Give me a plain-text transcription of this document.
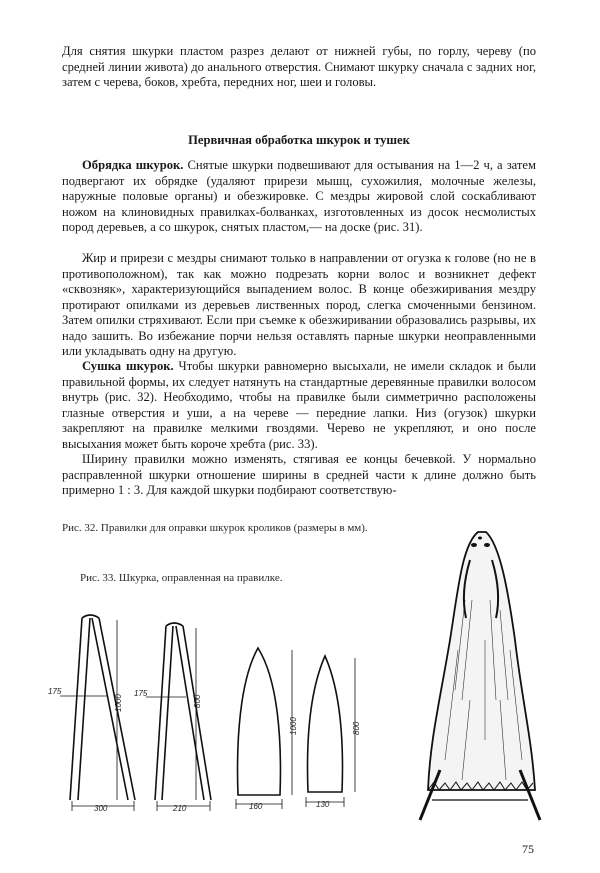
Для снятия шкурки пластом разрез делают от нижней губы, по горлу, череву (по средней линии живота) до анального отверстия. Снимают шкурку сначала с задних ног, затем с черева, боков, хребта, передних ног, шеи и головы.

Первичная обработка шкурок и тушек

Обрядка шкурок. Снятые шкурки подвешивают для остывания на 1—2 ч, а затем подвергают их обрядке (удаляют прирези мышц, сухожилия, молочные железы, наружные половые органы) и обезжировке. С мездры жировой слой соскабливают ножом на клиновидных правилках-болванках, изготовленных из досок несмолистых пород деревьев, а со шкурок, снятых пластом,— на доске (рис. 31).

Жир и прирези с мездры снимают только в направлении от огузка к голове (но не в противоположном), так как можно подрезать корни волос и возникнет дефект «сквозняк», характеризующийся выпадением волос. В конце обезжиривания мездру протирают опилками из деревьев лиственных пород, слегка смоченными бензином. Затем опилки стряхивают. Если при съемке к обезжиривании образовались разрывы, их надо зашить. Во избежание порчи нельзя оставлять парные шкурки неоправленными или укладывать одну на другую.

Сушка шкурок. Чтобы шкурки равномерно высыхали, не имели складок и были правильной формы, их следует натянуть на стандартные деревянные правилки волосом внутрь (рис. 32). Необходимо, чтобы на правилке были симметрично расположены глазные отверстия и уши, а на череве — передние лапки. Низ (огузок) шкурки закрепляют на правилке мелкими гвоздями. Черево не укрепляют, и оно после высыхания может быть короче хребта (рис. 33).

Ширину правилки можно изменять, стягивая ее концы бечевкой. У нормально расправленной шкурки отношение ширины в средней части к длине должно быть примерно 1 : 3. Для каждой шкурки подбирают соответствую-

Рис. 32. Правилки для оправки шкурок кроликов (размеры в мм).

Рис. 33. Шкурка, оправленная на правилке.

175
1000
300
175
800
210
1000
160
800
130
75
